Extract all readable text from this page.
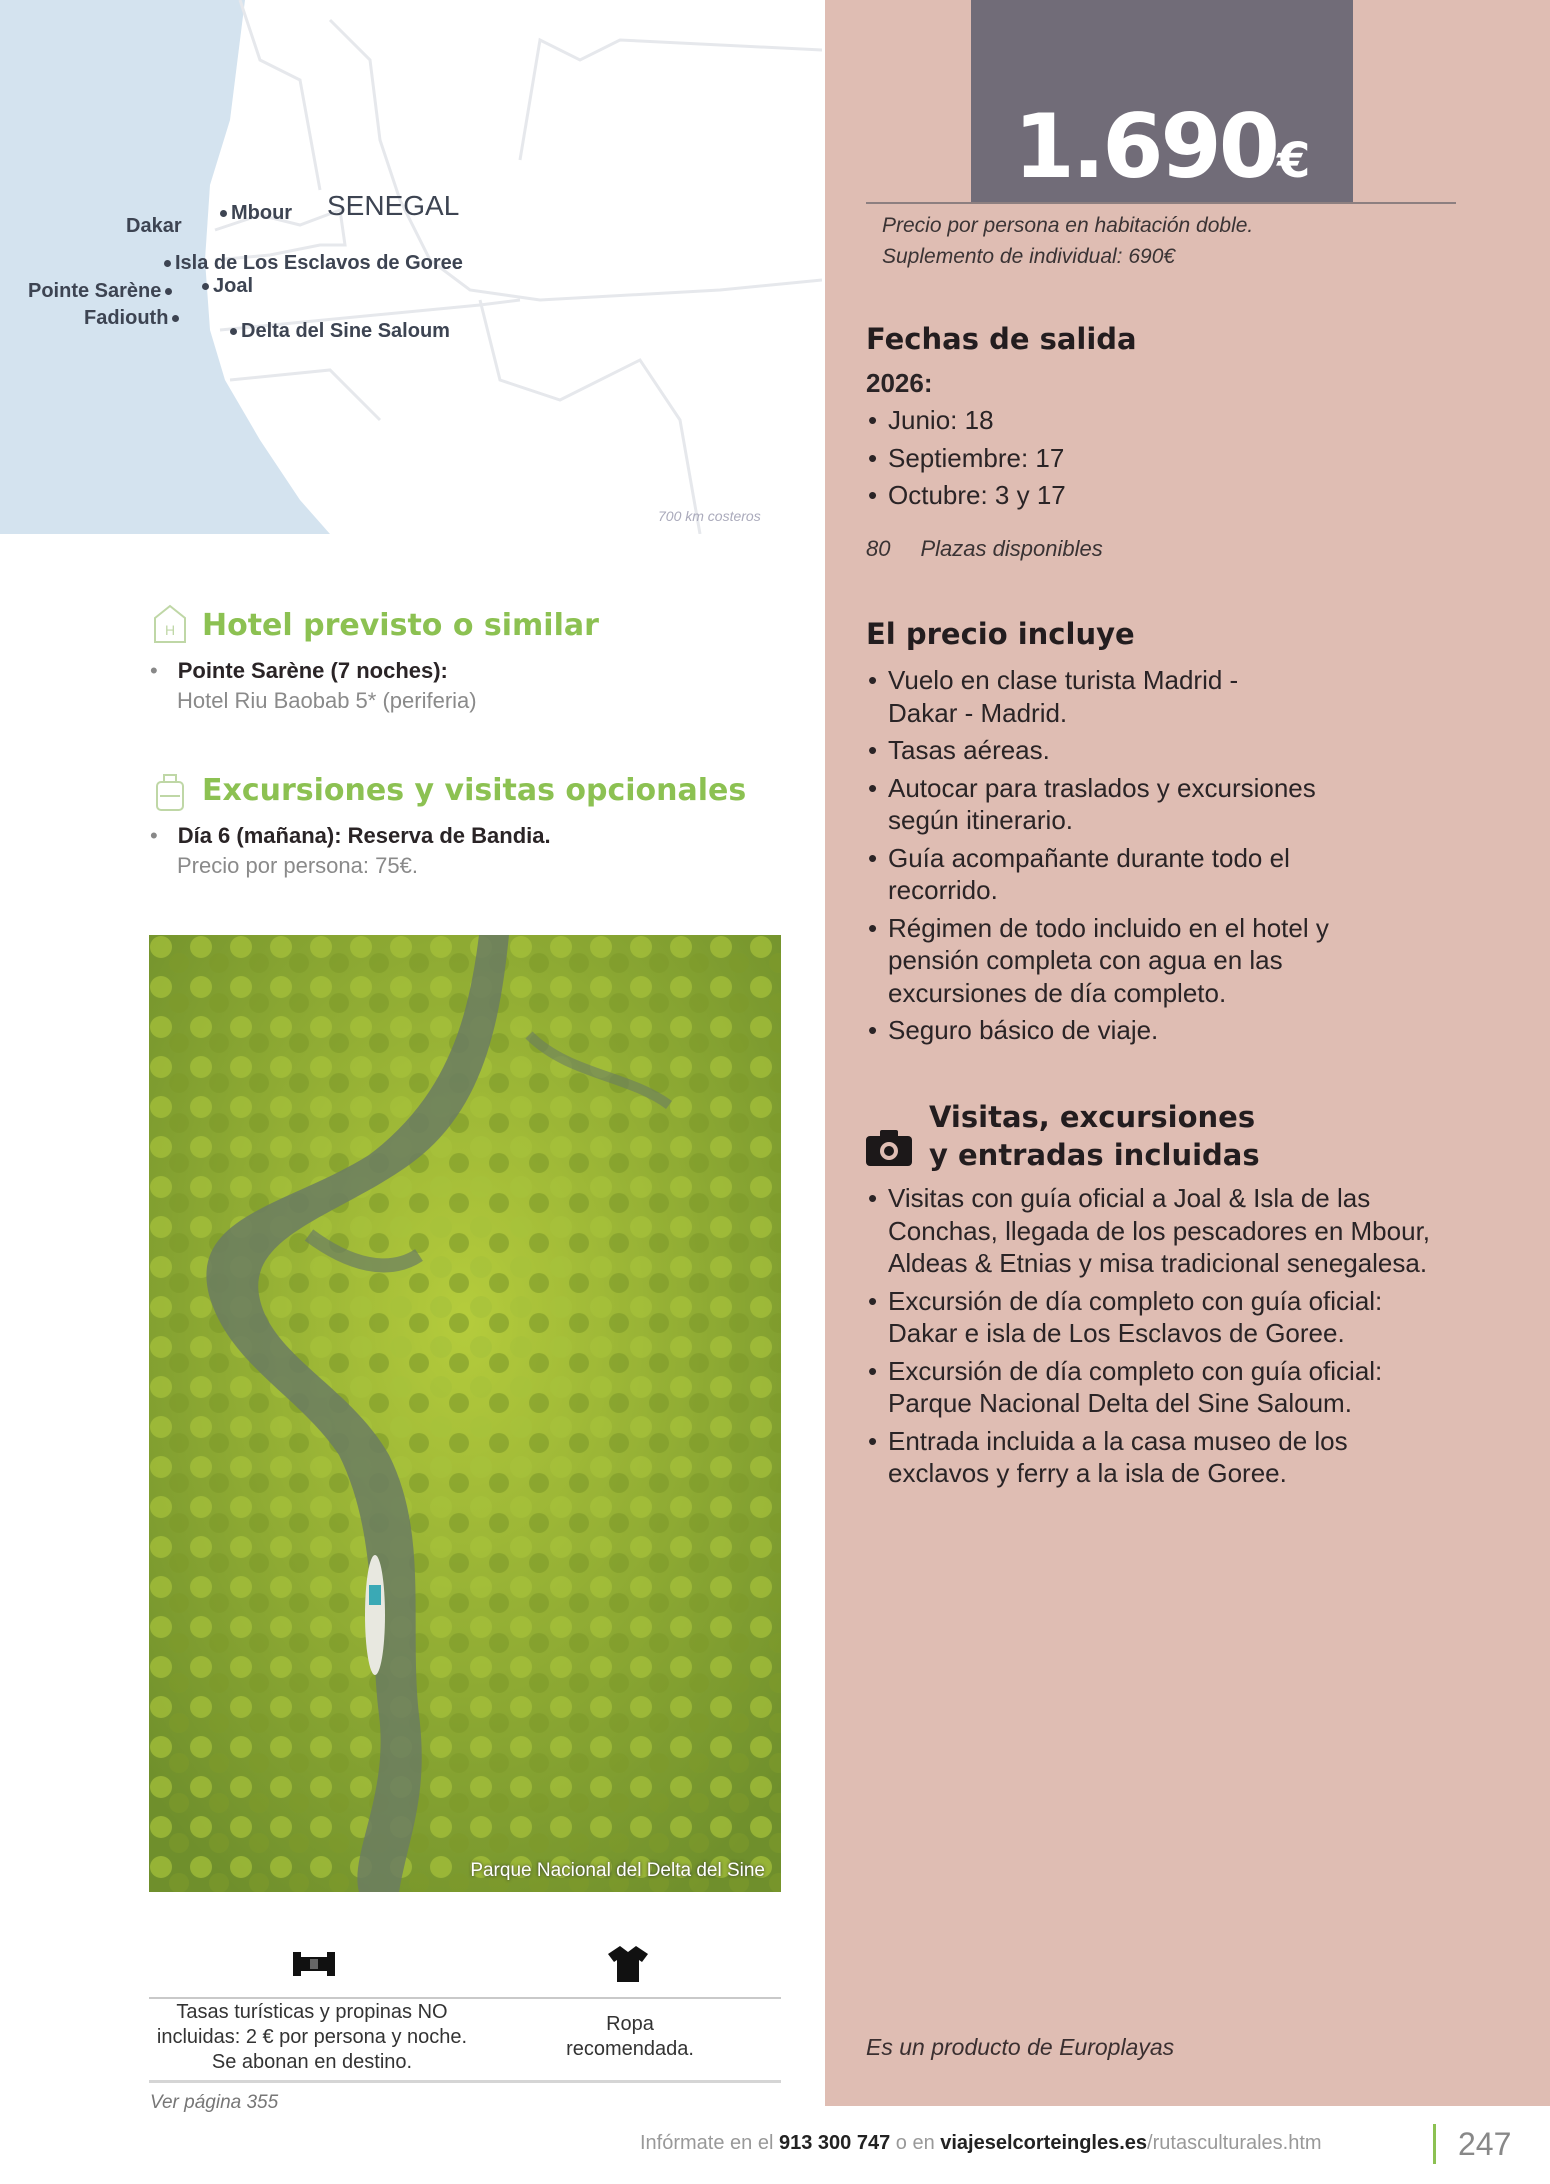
SENEGAL
Mbour
Dakar
Isla de Los Esclavos de Goree
Pointe Sarène	Joal
Fadiouth
Delta del Sine Saloum
700 km costeros
1.690€
Precio por persona en habitación doble.
Suplemento de individual: 690€
Fechas de salida
2026:
• Junio: 18
• Septiembre: 17
• Octubre: 3 y 17
80 Plazas disponibles
El precio incluye
• Vuelo en clase turista Madrid - Dakar - Madrid.
• Tasas aéreas.
• Autocar para traslados y excursiones según itinerario.
• Guía acompañante durante todo el recorrido.
• Régimen de todo incluido en el hotel y pensión completa con agua en las excursiones de día completo.
• Seguro básico de viaje.
Visitas, excursiones
y entradas incluidas
• Visitas con guía oficial a Joal & Isla de las Conchas, llegada de los pescadores en Mbour, Aldeas & Etnias y misa tradicional senegalesa.
• Excursión de día completo con guía oficial: Dakar e isla de Los Esclavos de Goree.
• Excursión de día completo con guía oficial: Parque Nacional Delta del Sine Saloum.
• Entrada incluida a la casa museo de los exclavos y ferry a la isla de Goree.
Es un producto de Europlayas
H Hotel previsto o similar
• Pointe Sarène (7 noches):
Hotel Riu Baobab 5* (periferia)
Excursiones y visitas opcionales
• Día 6 (mañana): Reserva de Bandia.
Precio por persona: 75€.
Parque Nacional del Delta del Sine
Tasas turísticas y propinas NO incluidas: 2 € por persona y noche. Se abonan en destino.
Ropa recomendada.
Ver página 355
Infórmate en el 913 300 747 o en viajeselcorteingles.es/rutasculturales.htm	247
